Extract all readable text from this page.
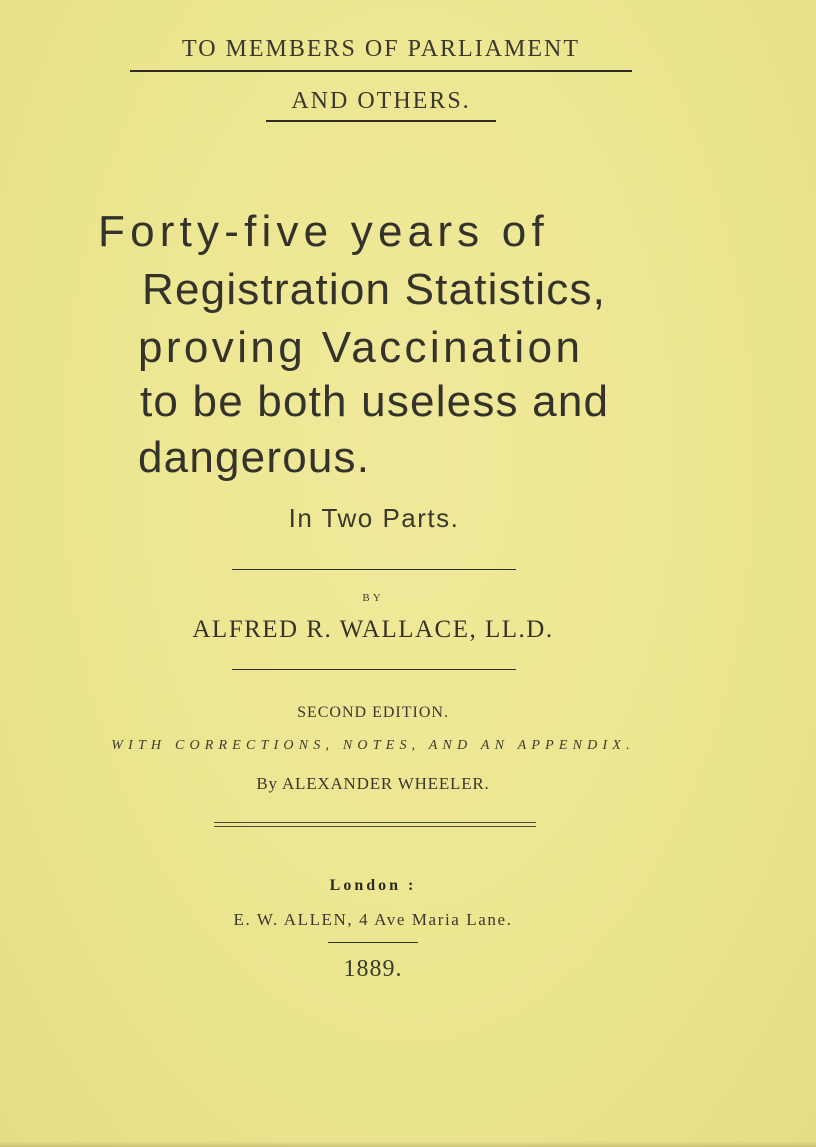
TO MEMBERS OF PARLIAMENT
AND OTHERS.
Forty-five years of
Registration Statistics,
proving Vaccination
to be both useless and
dangerous.
In Two Parts.
BY
ALFRED R. WALLACE, LL.D.
SECOND EDITION.
WITH CORRECTIONS, NOTES, AND AN APPENDIX.
By ALEXANDER WHEELER.
London :
E. W. ALLEN, 4 Ave Maria Lane.
1889.
